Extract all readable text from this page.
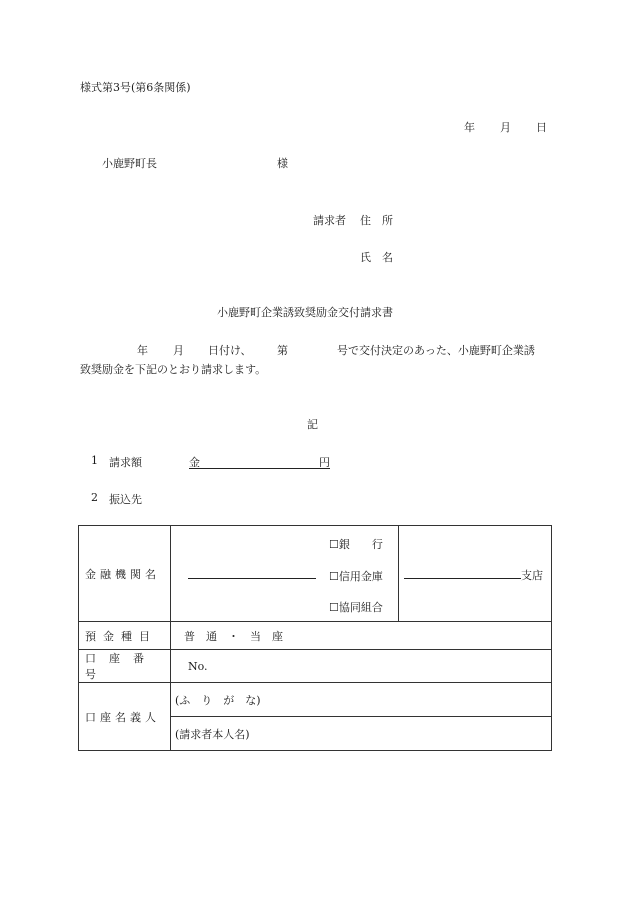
様式第3号(第6条関係)
年 月 日
小鹿野町長	様
請求者 住　所
氏　名
小鹿野町企業誘致奨励金交付請求書
年 月 日付け、 第	号で交付決定のあった、小鹿野町企業誘
致奨励金を下記のとおり請求します。
記
1 請求額	金	円
2 振込先
金融機関名	☐銀　　行
☐信用金庫
☐協同組合	支店

預金種目	普　通　・　当　座	

口座番号	No.	

口座名義人	(ふ　り　が　な)	
	(請求者本人名)	
